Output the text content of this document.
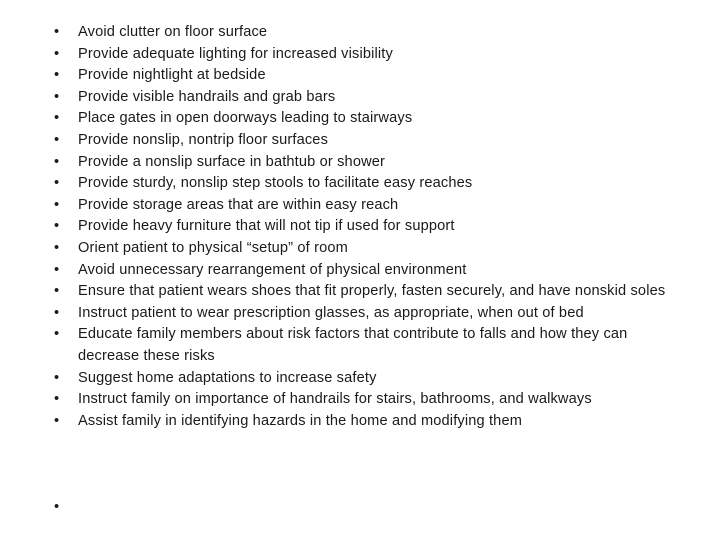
•	Avoid clutter on floor surface
•	Provide adequate lighting for increased visibility
•	Provide nightlight at bedside
•	Provide visible handrails and grab bars
•	Place gates in open doorways leading to stairways
•	Provide nonslip, nontrip floor surfaces
•	Provide a nonslip surface in bathtub or shower
•	Provide sturdy, nonslip step stools to facilitate easy reaches
•	Provide storage areas that are within easy reach
•	Provide heavy furniture that will not tip if used for support
•	Orient patient to physical “setup” of room
•	Avoid unnecessary rearrangement of physical environment
•	Ensure that patient wears shoes that fit properly, fasten securely, and have nonskid soles
•	Instruct patient to wear prescription glasses, as appropriate, when out of bed
•	Educate family members about risk factors that contribute to falls and how they can decrease these risks
•	Suggest home adaptations to increase safety
•	Instruct family on importance of handrails for stairs, bathrooms, and walkways
•	Assist family in identifying hazards in the home and modifying them
•
